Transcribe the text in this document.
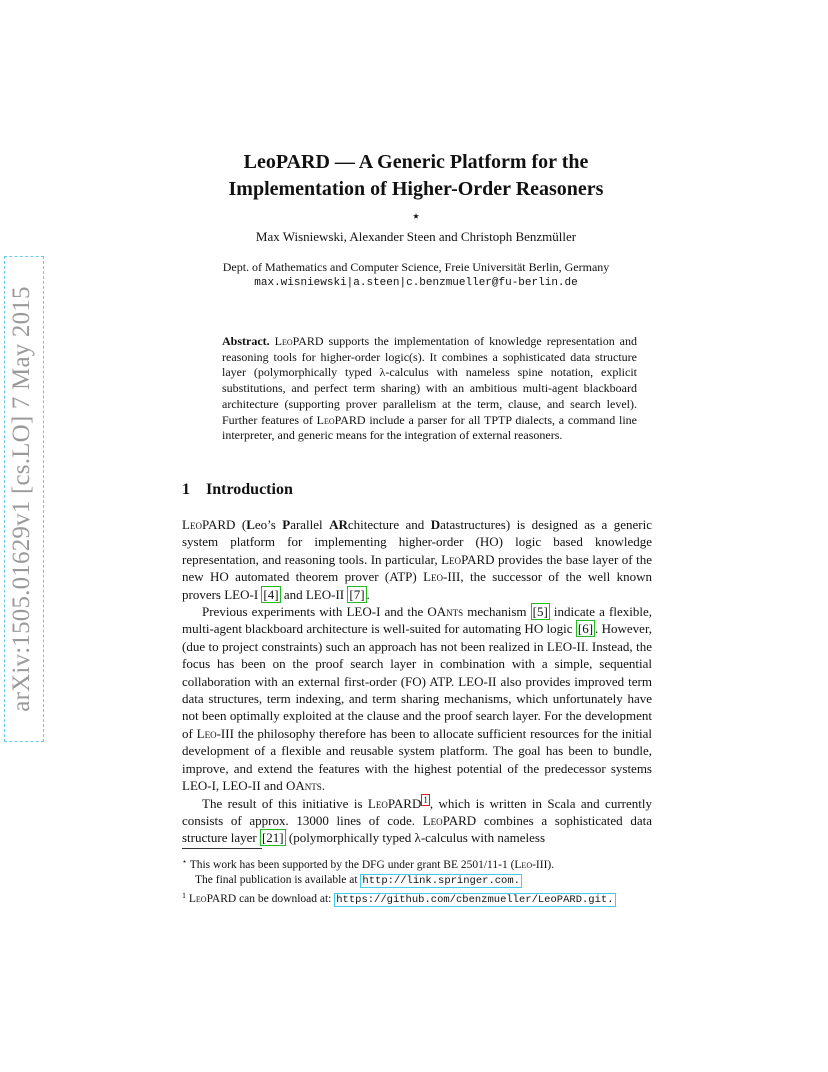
arXiv:1505.01629v1 [cs.LO] 7 May 2015
LeoPARD — A Generic Platform for the
Implementation of Higher-Order Reasoners
⋆
Max Wisniewski, Alexander Steen and Christoph Benzmüller
Dept. of Mathematics and Computer Science, Freie Universität Berlin, Germany
max.wisniewski|a.steen|c.benzmueller@fu-berlin.de
Abstract. LeoPARD supports the implementation of knowledge representation and reasoning tools for higher-order logic(s). It combines a sophisticated data structure layer (polymorphically typed λ-calculus with nameless spine notation, explicit substitutions, and perfect term sharing) with an ambitious multi-agent blackboard architecture (supporting prover parallelism at the term, clause, and search level). Further features of LeoPARD include a parser for all TPTP dialects, a command line interpreter, and generic means for the integration of external reasoners.
1 Introduction

LeoPARD (Leo’s Parallel ARchitecture and Datastructures) is designed as a generic system platform for implementing higher-order (HO) logic based knowledge representation, and reasoning tools. In particular, LeoPARD provides the base layer of the new HO automated theorem prover (ATP) Leo-III, the successor of the well known provers LEO-I [4] and LEO-II [7] .

Previous experiments with LEO-I and the OAnts mechanism [5] indicate a flexible, multi-agent blackboard architecture is well-suited for automating HO logic [6] . However, (due to project constraints) such an approach has not been realized in LEO-II. Instead, the focus has been on the proof search layer in combination with a simple, sequential collaboration with an external first-order (FO) ATP. LEO-II also provides improved term data structures, term indexing, and term sharing mechanisms, which unfortunately have not been optimally exploited at the clause and the proof search layer. For the development of Leo-III the philosophy therefore has been to allocate sufficient resources for the initial development of a flexible and reusable system platform. The goal has been to bundle, improve, and extend the features with the highest potential of the predecessor systems LEO-I, LEO-II and OAnts.

The result of this initiative is LeoPARD $^1$ , which is written in Scala and currently consists of approx. 13000 lines of code. LeoPARD combines a sophisticated data structure layer [21] (polymorphically typed λ-calculus with nameless

⋆ This work has been supported by the DFG under grant BE 2501/11-1 (Leo-III).
The final publication is available at http://link.springer.com.
$^1$ LeoPARD can be download at: https://github.com/cbenzmueller/LeoPARD.git.
